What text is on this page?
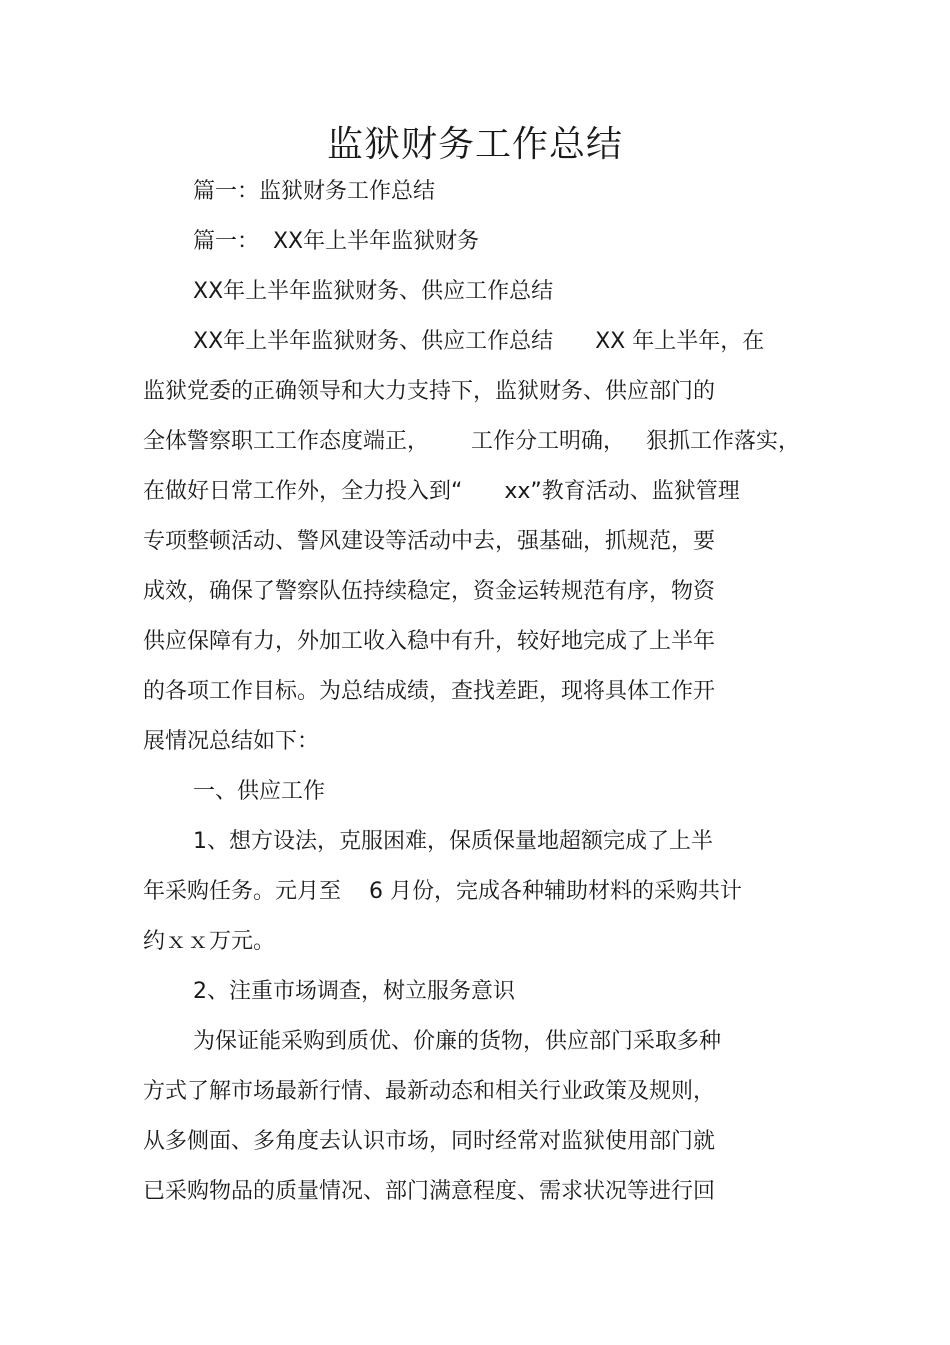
监狱财务工作总结
篇一：监狱财务工作总结
篇一：  XX年上半年监狱财务
XX年上半年监狱财务、供应工作总结
XX年上半年监狱财务、供应工作总结      XX 年上半年，在
监狱党委的正确领导和大力支持下，监狱财务、供应部门的
全体警察职工工作态度端正，      工作分工明确，   狠抓工作落实，
在做好日常工作外，全力投入到“      xx”教育活动、监狱管理
专项整顿活动、警风建设等活动中去，强基础，抓规范，要
成效，确保了警察队伍持续稳定，资金运转规范有序，物资
供应保障有力，外加工收入稳中有升，较好地完成了上半年
的各项工作目标。为总结成绩，查找差距，现将具体工作开
展情况总结如下：
一、供应工作
1、想方设法，克服困难，保质保量地超额完成了上半
年采购任务。元月至    6 月份，完成各种辅助材料的采购共计
约ｘｘ万元。
2、注重市场调查，树立服务意识
为保证能采购到质优、价廉的货物，供应部门采取多种
方式了解市场最新行情、最新动态和相关行业政策及规则，
从多侧面、多角度去认识市场，同时经常对监狱使用部门就
已采购物品的质量情况、部门满意程度、需求状况等进行回
